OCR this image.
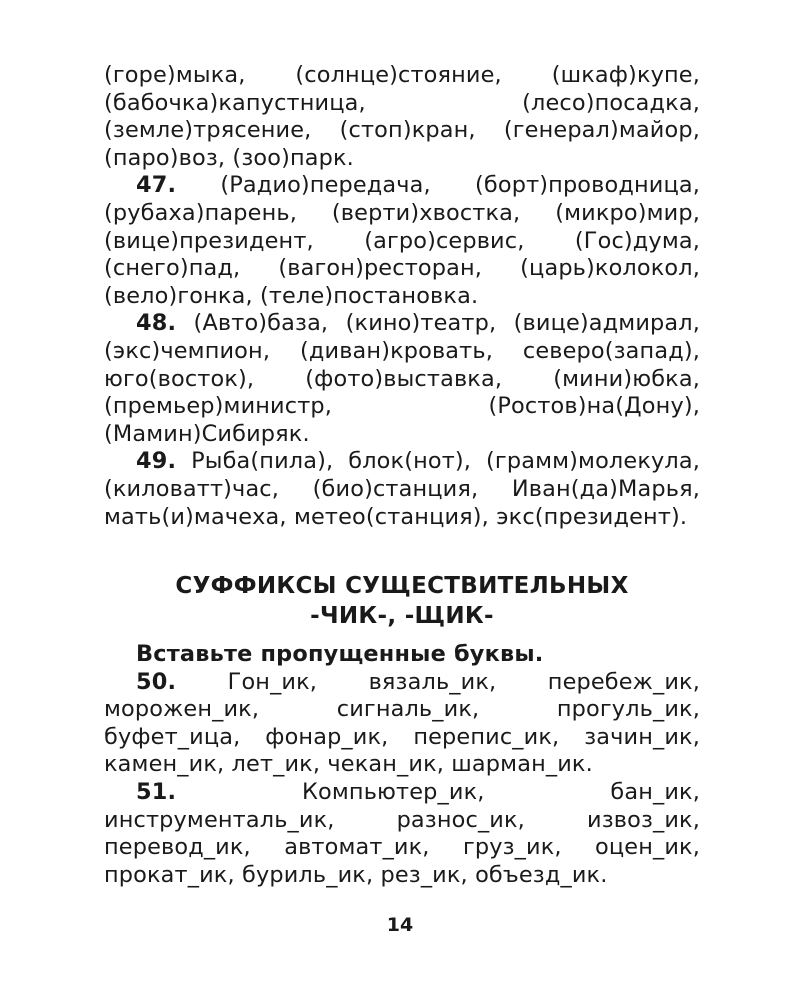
(горе)мыка, (солнце)стояние, (шкаф)купе, (бабочка)капустница, (лесо)посадка, (земле)трясение, (стоп)кран, (генерал)майор, (паро)воз, (зоо)парк.

47. (Радио)передача, (борт)проводница, (рубаха)парень, (верти)хвостка, (микро)мир, (вице)президент, (агро)сервис, (Гос)дума, (снего)пад, (вагон)ресторан, (царь)колокол, (вело)гонка, (теле)постановка.

48. (Авто)база, (кино)театр, (вице)адмирал, (экс)чемпион, (диван)кровать, северо(запад), юго(восток), (фото)выставка, (мини)юбка, (премьер)министр, (Ростов)на(Дону), (Мамин)Сибиряк.

49. Рыба(пила), блок(нот), (грамм)молекула, (киловатт)час, (био)станция, Иван(да)Марья, мать(и)мачеха, метео(станция), экс(президент).

СУФФИКСЫ СУЩЕСТВИТЕЛЬНЫХ

-ЧИК-, -ЩИК-

Вставьте пропущенные буквы.

50. Гон_ик, вязаль_ик, перебеж_ик, морожен_ик, сигналь_ик, прогуль_ик, буфет_ица, фонар_ик, перепис_ик, зачин_ик, камен_ик, лет_ик, чекан_ик, шарман_ик.

51. Компьютер_ик, бан_ик, инструменталь_ик, разнос_ик, извоз_ик, перевод_ик, автомат_ик, груз_ик, оцен_ик, прокат_ик, буриль_ик, рез_ик, объезд_ик.

14
